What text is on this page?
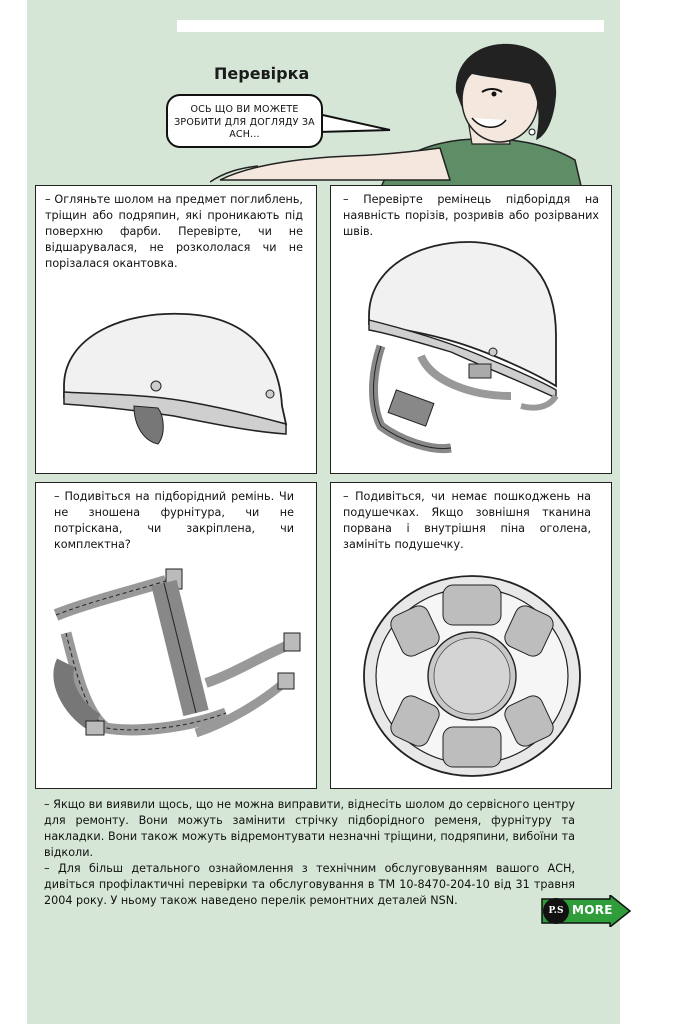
Перевірка
ОСЬ ЩО ВИ МОЖЕТЕ ЗРОБИТИ ДЛЯ ДОГЛЯДУ ЗА АСН...
– Огляньте шолом на предмет поглиблень, тріщин або подряпин, які проникають під поверхню фарби. Перевірте, чи не відшарувалася, не розкололася чи не порізалася окантовка.
– Перевірте ремінець підборіддя на наявність порізів, розривів або розірваних швів.
– Подивіться на підборідний ремінь. Чи не зношена фурнітура, чи не потріскана, чи закріплена, чи комплектна?
– Подивіться, чи немає пошкоджень на подушечках. Якщо зовнішня тканина порвана і внутрішня піна оголена, замініть подушечку.

– Якщо ви виявили щось, що не можна виправити, віднесіть шолом до сервісного центру для ремонту. Вони можуть замінити стрічку підборідного ременя, фурнітуру та накладки. Вони також можуть відремонтувати незначні тріщини, подряпини, вибоїни та відколи.

– Для більш детального ознайомлення з технічним обслуговуванням вашого АСН, дивіться профілактичні перевірки та обслуговування в ТМ 10-8470-204-10 від 31 травня 2004 року. У ньому також наведено перелік ремонтних деталей NSN.

P.S MORE
